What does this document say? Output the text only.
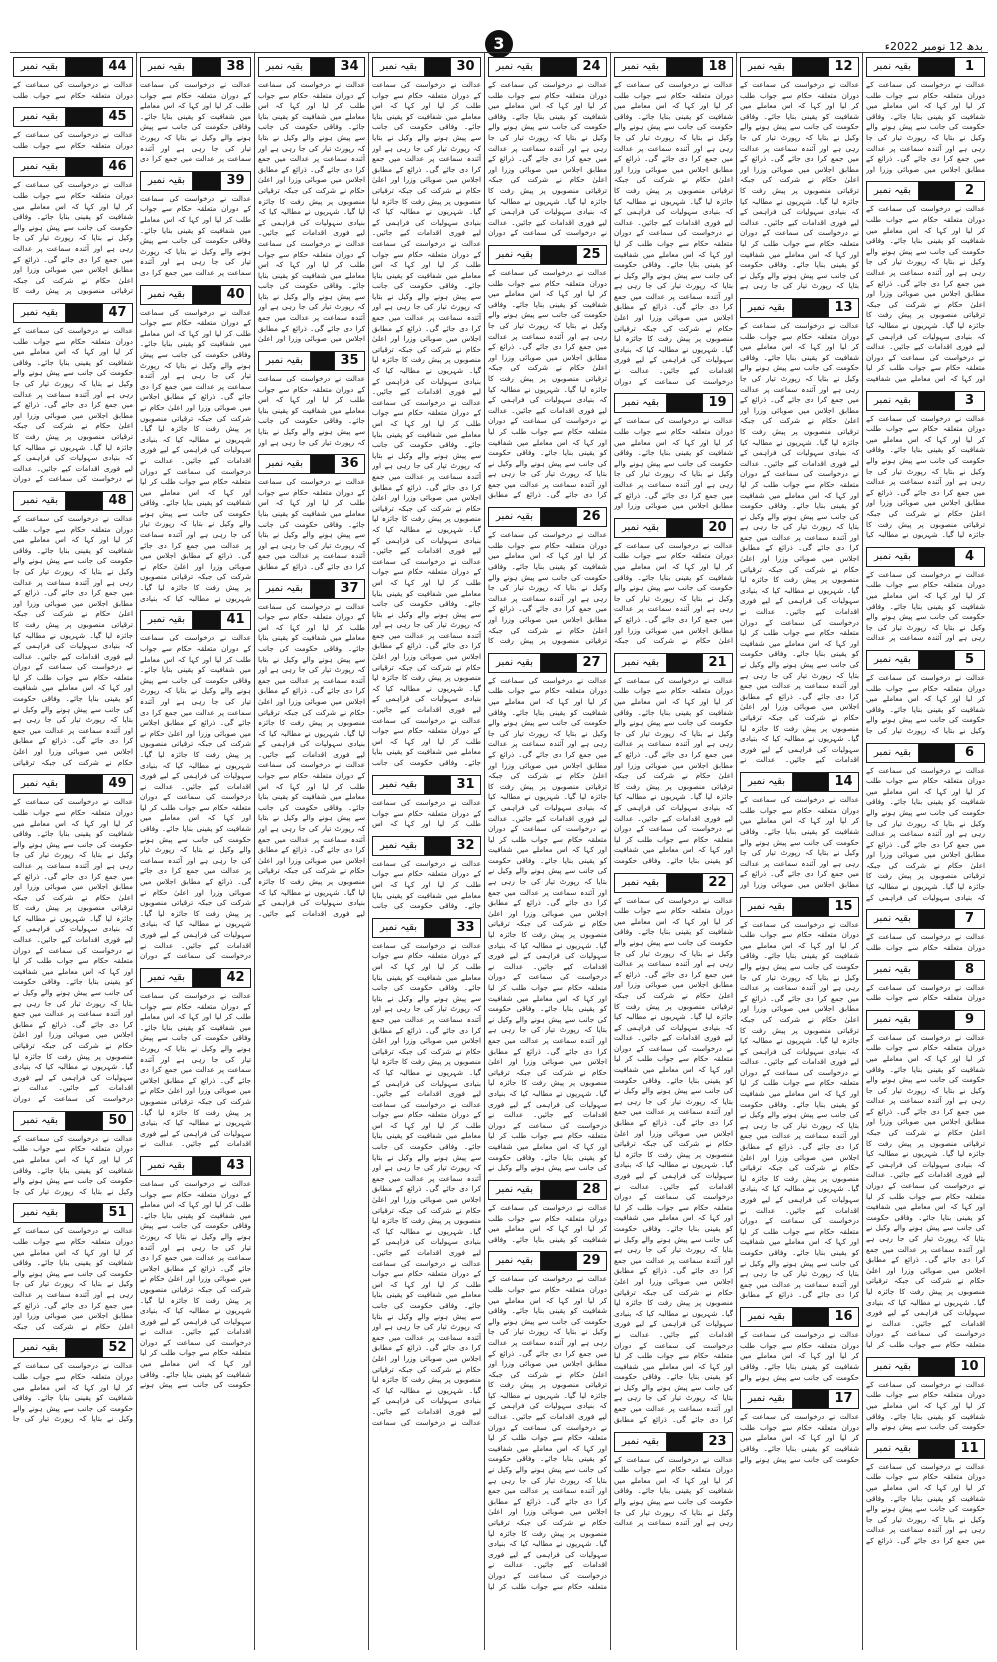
بدھ 12 نومبر 2022ء
3
1
بقیہ نمبر
عدالت نے درخواست کی سماعت کے دوران متعلقہ حکام سے جواب طلب کر لیا اور کہا کہ اس معاملے میں شفافیت کو یقینی بنایا جائے۔ وفاقی حکومت کی جانب سے پیش ہونے والے وکیل نے بتایا کہ رپورٹ تیار کی جا رہی ہے اور آئندہ سماعت پر عدالت میں جمع کرا دی جائے گی۔ ذرائع کے مطابق اجلاس میں صوبائی وزرا اور
2
بقیہ نمبر
عدالت نے درخواست کی سماعت کے دوران متعلقہ حکام سے جواب طلب کر لیا اور کہا کہ اس معاملے میں شفافیت کو یقینی بنایا جائے۔ وفاقی حکومت کی جانب سے پیش ہونے والے وکیل نے بتایا کہ رپورٹ تیار کی جا رہی ہے اور آئندہ سماعت پر عدالت میں جمع کرا دی جائے گی۔ ذرائع کے مطابق اجلاس میں صوبائی وزرا اور اعلیٰ حکام نے شرکت کی جبکہ ترقیاتی منصوبوں پر پیش رفت کا جائزہ لیا گیا۔ شہریوں نے مطالبہ کیا کہ بنیادی سہولیات کی فراہمی کے لیے فوری اقدامات کیے جائیں۔ عدالت نے درخواست کی سماعت کے دوران متعلقہ حکام سے جواب طلب کر لیا اور کہا کہ اس معاملے میں شفافیت
3
بقیہ نمبر
عدالت نے درخواست کی سماعت کے دوران متعلقہ حکام سے جواب طلب کر لیا اور کہا کہ اس معاملے میں شفافیت کو یقینی بنایا جائے۔ وفاقی حکومت کی جانب سے پیش ہونے والے وکیل نے بتایا کہ رپورٹ تیار کی جا رہی ہے اور آئندہ سماعت پر عدالت میں جمع کرا دی جائے گی۔ ذرائع کے مطابق اجلاس میں صوبائی وزرا اور اعلیٰ حکام نے شرکت کی جبکہ ترقیاتی منصوبوں پر پیش رفت کا جائزہ لیا گیا۔ شہریوں نے مطالبہ کیا
4
بقیہ نمبر
عدالت نے درخواست کی سماعت کے دوران متعلقہ حکام سے جواب طلب کر لیا اور کہا کہ اس معاملے میں شفافیت کو یقینی بنایا جائے۔ وفاقی حکومت کی جانب سے پیش ہونے والے وکیل نے بتایا کہ رپورٹ تیار کی جا رہی ہے اور آئندہ سماعت پر عدالت
5
بقیہ نمبر
عدالت نے درخواست کی سماعت کے دوران متعلقہ حکام سے جواب طلب کر لیا اور کہا کہ اس معاملے میں شفافیت کو یقینی بنایا جائے۔ وفاقی حکومت کی جانب سے پیش ہونے والے وکیل نے بتایا کہ رپورٹ تیار کی جا
6
بقیہ نمبر
عدالت نے درخواست کی سماعت کے دوران متعلقہ حکام سے جواب طلب کر لیا اور کہا کہ اس معاملے میں شفافیت کو یقینی بنایا جائے۔ وفاقی حکومت کی جانب سے پیش ہونے والے وکیل نے بتایا کہ رپورٹ تیار کی جا رہی ہے اور آئندہ سماعت پر عدالت میں جمع کرا دی جائے گی۔ ذرائع کے مطابق اجلاس میں صوبائی وزرا اور اعلیٰ حکام نے شرکت کی جبکہ ترقیاتی منصوبوں پر پیش رفت کا جائزہ لیا گیا۔ شہریوں نے مطالبہ کیا کہ بنیادی سہولیات کی فراہمی کے
7
بقیہ نمبر
عدالت نے درخواست کی سماعت کے دوران متعلقہ حکام سے جواب طلب
8
بقیہ نمبر
عدالت نے درخواست کی سماعت کے دوران متعلقہ حکام سے جواب طلب
9
بقیہ نمبر
عدالت نے درخواست کی سماعت کے دوران متعلقہ حکام سے جواب طلب کر لیا اور کہا کہ اس معاملے میں شفافیت کو یقینی بنایا جائے۔ وفاقی حکومت کی جانب سے پیش ہونے والے وکیل نے بتایا کہ رپورٹ تیار کی جا رہی ہے اور آئندہ سماعت پر عدالت میں جمع کرا دی جائے گی۔ ذرائع کے مطابق اجلاس میں صوبائی وزرا اور اعلیٰ حکام نے شرکت کی جبکہ ترقیاتی منصوبوں پر پیش رفت کا جائزہ لیا گیا۔ شہریوں نے مطالبہ کیا کہ بنیادی سہولیات کی فراہمی کے لیے فوری اقدامات کیے جائیں۔ عدالت نے درخواست کی سماعت کے دوران متعلقہ حکام سے جواب طلب کر لیا اور کہا کہ اس معاملے میں شفافیت کو یقینی بنایا جائے۔ وفاقی حکومت کی جانب سے پیش ہونے والے وکیل نے بتایا کہ رپورٹ تیار کی جا رہی ہے اور آئندہ سماعت پر عدالت میں جمع کرا دی جائے گی۔ ذرائع کے مطابق اجلاس میں صوبائی وزرا اور اعلیٰ حکام نے شرکت کی جبکہ ترقیاتی منصوبوں پر پیش رفت کا جائزہ لیا گیا۔ شہریوں نے مطالبہ کیا کہ بنیادی سہولیات کی فراہمی کے لیے فوری اقدامات کیے جائیں۔ عدالت نے درخواست کی سماعت کے دوران متعلقہ حکام سے جواب طلب کر لیا
10
بقیہ نمبر
عدالت نے درخواست کی سماعت کے دوران متعلقہ حکام سے جواب طلب کر لیا اور کہا کہ اس معاملے میں شفافیت کو یقینی بنایا جائے۔ وفاقی حکومت کی جانب سے پیش ہونے والے
11
بقیہ نمبر
عدالت نے درخواست کی سماعت کے دوران متعلقہ حکام سے جواب طلب کر لیا اور کہا کہ اس معاملے میں شفافیت کو یقینی بنایا جائے۔ وفاقی حکومت کی جانب سے پیش ہونے والے وکیل نے بتایا کہ رپورٹ تیار کی جا رہی ہے اور آئندہ سماعت پر عدالت میں جمع کرا دی جائے گی۔ ذرائع کے
12
بقیہ نمبر
عدالت نے درخواست کی سماعت کے دوران متعلقہ حکام سے جواب طلب کر لیا اور کہا کہ اس معاملے میں شفافیت کو یقینی بنایا جائے۔ وفاقی حکومت کی جانب سے پیش ہونے والے وکیل نے بتایا کہ رپورٹ تیار کی جا رہی ہے اور آئندہ سماعت پر عدالت میں جمع کرا دی جائے گی۔ ذرائع کے مطابق اجلاس میں صوبائی وزرا اور اعلیٰ حکام نے شرکت کی جبکہ ترقیاتی منصوبوں پر پیش رفت کا جائزہ لیا گیا۔ شہریوں نے مطالبہ کیا کہ بنیادی سہولیات کی فراہمی کے لیے فوری اقدامات کیے جائیں۔ عدالت نے درخواست کی سماعت کے دوران متعلقہ حکام سے جواب طلب کر لیا اور کہا کہ اس معاملے میں شفافیت کو یقینی بنایا جائے۔ وفاقی حکومت کی جانب سے پیش ہونے والے وکیل نے بتایا کہ رپورٹ تیار کی جا رہی ہے
13
بقیہ نمبر
عدالت نے درخواست کی سماعت کے دوران متعلقہ حکام سے جواب طلب کر لیا اور کہا کہ اس معاملے میں شفافیت کو یقینی بنایا جائے۔ وفاقی حکومت کی جانب سے پیش ہونے والے وکیل نے بتایا کہ رپورٹ تیار کی جا رہی ہے اور آئندہ سماعت پر عدالت میں جمع کرا دی جائے گی۔ ذرائع کے مطابق اجلاس میں صوبائی وزرا اور اعلیٰ حکام نے شرکت کی جبکہ ترقیاتی منصوبوں پر پیش رفت کا جائزہ لیا گیا۔ شہریوں نے مطالبہ کیا کہ بنیادی سہولیات کی فراہمی کے لیے فوری اقدامات کیے جائیں۔ عدالت نے درخواست کی سماعت کے دوران متعلقہ حکام سے جواب طلب کر لیا اور کہا کہ اس معاملے میں شفافیت کو یقینی بنایا جائے۔ وفاقی حکومت کی جانب سے پیش ہونے والے وکیل نے بتایا کہ رپورٹ تیار کی جا رہی ہے اور آئندہ سماعت پر عدالت میں جمع کرا دی جائے گی۔ ذرائع کے مطابق اجلاس میں صوبائی وزرا اور اعلیٰ حکام نے شرکت کی جبکہ ترقیاتی منصوبوں پر پیش رفت کا جائزہ لیا گیا۔ شہریوں نے مطالبہ کیا کہ بنیادی سہولیات کی فراہمی کے لیے فوری اقدامات کیے جائیں۔ عدالت نے درخواست کی سماعت کے دوران متعلقہ حکام سے جواب طلب کر لیا اور کہا کہ اس معاملے میں شفافیت کو یقینی بنایا جائے۔ وفاقی حکومت کی جانب سے پیش ہونے والے وکیل نے بتایا کہ رپورٹ تیار کی جا رہی ہے اور آئندہ سماعت پر عدالت میں جمع کرا دی جائے گی۔ ذرائع کے مطابق اجلاس میں صوبائی وزرا اور اعلیٰ حکام نے شرکت کی جبکہ ترقیاتی منصوبوں پر پیش رفت کا جائزہ لیا گیا۔ شہریوں نے مطالبہ کیا کہ بنیادی سہولیات کی فراہمی کے لیے فوری اقدامات کیے جائیں۔ عدالت نے
14
بقیہ نمبر
عدالت نے درخواست کی سماعت کے دوران متعلقہ حکام سے جواب طلب کر لیا اور کہا کہ اس معاملے میں شفافیت کو یقینی بنایا جائے۔ وفاقی حکومت کی جانب سے پیش ہونے والے وکیل نے بتایا کہ رپورٹ تیار کی جا رہی ہے اور آئندہ سماعت پر عدالت میں جمع کرا دی جائے گی۔ ذرائع کے مطابق اجلاس میں صوبائی وزرا اور
15
بقیہ نمبر
عدالت نے درخواست کی سماعت کے دوران متعلقہ حکام سے جواب طلب کر لیا اور کہا کہ اس معاملے میں شفافیت کو یقینی بنایا جائے۔ وفاقی حکومت کی جانب سے پیش ہونے والے وکیل نے بتایا کہ رپورٹ تیار کی جا رہی ہے اور آئندہ سماعت پر عدالت میں جمع کرا دی جائے گی۔ ذرائع کے مطابق اجلاس میں صوبائی وزرا اور اعلیٰ حکام نے شرکت کی جبکہ ترقیاتی منصوبوں پر پیش رفت کا جائزہ لیا گیا۔ شہریوں نے مطالبہ کیا کہ بنیادی سہولیات کی فراہمی کے لیے فوری اقدامات کیے جائیں۔ عدالت نے درخواست کی سماعت کے دوران متعلقہ حکام سے جواب طلب کر لیا اور کہا کہ اس معاملے میں شفافیت کو یقینی بنایا جائے۔ وفاقی حکومت کی جانب سے پیش ہونے والے وکیل نے بتایا کہ رپورٹ تیار کی جا رہی ہے اور آئندہ سماعت پر عدالت میں جمع کرا دی جائے گی۔ ذرائع کے مطابق اجلاس میں صوبائی وزرا اور اعلیٰ حکام نے شرکت کی جبکہ ترقیاتی منصوبوں پر پیش رفت کا جائزہ لیا گیا۔ شہریوں نے مطالبہ کیا کہ بنیادی سہولیات کی فراہمی کے لیے فوری اقدامات کیے جائیں۔ عدالت نے درخواست کی سماعت کے دوران متعلقہ حکام سے جواب طلب کر لیا اور کہا کہ اس معاملے میں شفافیت کو یقینی بنایا جائے۔ وفاقی حکومت کی جانب سے پیش ہونے والے وکیل نے بتایا کہ رپورٹ تیار کی جا رہی ہے اور آئندہ سماعت پر عدالت میں جمع کرا دی جائے گی۔ ذرائع کے مطابق
16
بقیہ نمبر
عدالت نے درخواست کی سماعت کے دوران متعلقہ حکام سے جواب طلب کر لیا اور کہا کہ اس معاملے میں شفافیت کو یقینی بنایا جائے۔ وفاقی حکومت کی جانب سے پیش ہونے والے
17
بقیہ نمبر
عدالت نے درخواست کی سماعت کے دوران متعلقہ حکام سے جواب طلب کر لیا اور کہا کہ اس معاملے میں شفافیت کو یقینی بنایا جائے۔ وفاقی حکومت کی جانب سے پیش ہونے والے
18
بقیہ نمبر
عدالت نے درخواست کی سماعت کے دوران متعلقہ حکام سے جواب طلب کر لیا اور کہا کہ اس معاملے میں شفافیت کو یقینی بنایا جائے۔ وفاقی حکومت کی جانب سے پیش ہونے والے وکیل نے بتایا کہ رپورٹ تیار کی جا رہی ہے اور آئندہ سماعت پر عدالت میں جمع کرا دی جائے گی۔ ذرائع کے مطابق اجلاس میں صوبائی وزرا اور اعلیٰ حکام نے شرکت کی جبکہ ترقیاتی منصوبوں پر پیش رفت کا جائزہ لیا گیا۔ شہریوں نے مطالبہ کیا کہ بنیادی سہولیات کی فراہمی کے لیے فوری اقدامات کیے جائیں۔ عدالت نے درخواست کی سماعت کے دوران متعلقہ حکام سے جواب طلب کر لیا اور کہا کہ اس معاملے میں شفافیت کو یقینی بنایا جائے۔ وفاقی حکومت کی جانب سے پیش ہونے والے وکیل نے بتایا کہ رپورٹ تیار کی جا رہی ہے اور آئندہ سماعت پر عدالت میں جمع کرا دی جائے گی۔ ذرائع کے مطابق اجلاس میں صوبائی وزرا اور اعلیٰ حکام نے شرکت کی جبکہ ترقیاتی منصوبوں پر پیش رفت کا جائزہ لیا گیا۔ شہریوں نے مطالبہ کیا کہ بنیادی سہولیات کی فراہمی کے لیے فوری اقدامات کیے جائیں۔ عدالت نے درخواست کی سماعت کے دوران
19
بقیہ نمبر
عدالت نے درخواست کی سماعت کے دوران متعلقہ حکام سے جواب طلب کر لیا اور کہا کہ اس معاملے میں شفافیت کو یقینی بنایا جائے۔ وفاقی حکومت کی جانب سے پیش ہونے والے وکیل نے بتایا کہ رپورٹ تیار کی جا رہی ہے اور آئندہ سماعت پر عدالت میں جمع کرا دی جائے گی۔ ذرائع کے مطابق اجلاس میں صوبائی وزرا اور
20
بقیہ نمبر
عدالت نے درخواست کی سماعت کے دوران متعلقہ حکام سے جواب طلب کر لیا اور کہا کہ اس معاملے میں شفافیت کو یقینی بنایا جائے۔ وفاقی حکومت کی جانب سے پیش ہونے والے وکیل نے بتایا کہ رپورٹ تیار کی جا رہی ہے اور آئندہ سماعت پر عدالت میں جمع کرا دی جائے گی۔ ذرائع کے مطابق اجلاس میں صوبائی وزرا اور اعلیٰ حکام نے شرکت کی جبکہ
21
بقیہ نمبر
عدالت نے درخواست کی سماعت کے دوران متعلقہ حکام سے جواب طلب کر لیا اور کہا کہ اس معاملے میں شفافیت کو یقینی بنایا جائے۔ وفاقی حکومت کی جانب سے پیش ہونے والے وکیل نے بتایا کہ رپورٹ تیار کی جا رہی ہے اور آئندہ سماعت پر عدالت میں جمع کرا دی جائے گی۔ ذرائع کے مطابق اجلاس میں صوبائی وزرا اور اعلیٰ حکام نے شرکت کی جبکہ ترقیاتی منصوبوں پر پیش رفت کا جائزہ لیا گیا۔ شہریوں نے مطالبہ کیا کہ بنیادی سہولیات کی فراہمی کے لیے فوری اقدامات کیے جائیں۔ عدالت نے درخواست کی سماعت کے دوران متعلقہ حکام سے جواب طلب کر لیا اور کہا کہ اس معاملے میں شفافیت کو یقینی بنایا جائے۔ وفاقی حکومت
22
بقیہ نمبر
عدالت نے درخواست کی سماعت کے دوران متعلقہ حکام سے جواب طلب کر لیا اور کہا کہ اس معاملے میں شفافیت کو یقینی بنایا جائے۔ وفاقی حکومت کی جانب سے پیش ہونے والے وکیل نے بتایا کہ رپورٹ تیار کی جا رہی ہے اور آئندہ سماعت پر عدالت میں جمع کرا دی جائے گی۔ ذرائع کے مطابق اجلاس میں صوبائی وزرا اور اعلیٰ حکام نے شرکت کی جبکہ ترقیاتی منصوبوں پر پیش رفت کا جائزہ لیا گیا۔ شہریوں نے مطالبہ کیا کہ بنیادی سہولیات کی فراہمی کے لیے فوری اقدامات کیے جائیں۔ عدالت نے درخواست کی سماعت کے دوران متعلقہ حکام سے جواب طلب کر لیا اور کہا کہ اس معاملے میں شفافیت کو یقینی بنایا جائے۔ وفاقی حکومت کی جانب سے پیش ہونے والے وکیل نے بتایا کہ رپورٹ تیار کی جا رہی ہے اور آئندہ سماعت پر عدالت میں جمع کرا دی جائے گی۔ ذرائع کے مطابق اجلاس میں صوبائی وزرا اور اعلیٰ حکام نے شرکت کی جبکہ ترقیاتی منصوبوں پر پیش رفت کا جائزہ لیا گیا۔ شہریوں نے مطالبہ کیا کہ بنیادی سہولیات کی فراہمی کے لیے فوری اقدامات کیے جائیں۔ عدالت نے درخواست کی سماعت کے دوران متعلقہ حکام سے جواب طلب کر لیا اور کہا کہ اس معاملے میں شفافیت کو یقینی بنایا جائے۔ وفاقی حکومت کی جانب سے پیش ہونے والے وکیل نے بتایا کہ رپورٹ تیار کی جا رہی ہے اور آئندہ سماعت پر عدالت میں جمع کرا دی جائے گی۔ ذرائع کے مطابق اجلاس میں صوبائی وزرا اور اعلیٰ حکام نے شرکت کی جبکہ ترقیاتی منصوبوں پر پیش رفت کا جائزہ لیا گیا۔ شہریوں نے مطالبہ کیا کہ بنیادی سہولیات کی فراہمی کے لیے فوری اقدامات کیے جائیں۔ عدالت نے درخواست کی سماعت کے دوران متعلقہ حکام سے جواب طلب کر لیا اور کہا کہ اس معاملے میں شفافیت کو یقینی بنایا جائے۔ وفاقی حکومت کی جانب سے پیش ہونے والے وکیل نے بتایا کہ رپورٹ تیار کی جا رہی ہے اور آئندہ سماعت پر عدالت میں جمع کرا دی جائے گی۔ ذرائع کے مطابق
23
بقیہ نمبر
عدالت نے درخواست کی سماعت کے دوران متعلقہ حکام سے جواب طلب کر لیا اور کہا کہ اس معاملے میں شفافیت کو یقینی بنایا جائے۔ وفاقی حکومت کی جانب سے پیش ہونے والے وکیل نے بتایا کہ رپورٹ تیار کی جا رہی ہے اور آئندہ سماعت پر عدالت
24
بقیہ نمبر
عدالت نے درخواست کی سماعت کے دوران متعلقہ حکام سے جواب طلب کر لیا اور کہا کہ اس معاملے میں شفافیت کو یقینی بنایا جائے۔ وفاقی حکومت کی جانب سے پیش ہونے والے وکیل نے بتایا کہ رپورٹ تیار کی جا رہی ہے اور آئندہ سماعت پر عدالت میں جمع کرا دی جائے گی۔ ذرائع کے مطابق اجلاس میں صوبائی وزرا اور اعلیٰ حکام نے شرکت کی جبکہ ترقیاتی منصوبوں پر پیش رفت کا جائزہ لیا گیا۔ شہریوں نے مطالبہ کیا کہ بنیادی سہولیات کی فراہمی کے لیے فوری اقدامات کیے جائیں۔ عدالت نے درخواست کی سماعت کے دوران
25
بقیہ نمبر
عدالت نے درخواست کی سماعت کے دوران متعلقہ حکام سے جواب طلب کر لیا اور کہا کہ اس معاملے میں شفافیت کو یقینی بنایا جائے۔ وفاقی حکومت کی جانب سے پیش ہونے والے وکیل نے بتایا کہ رپورٹ تیار کی جا رہی ہے اور آئندہ سماعت پر عدالت میں جمع کرا دی جائے گی۔ ذرائع کے مطابق اجلاس میں صوبائی وزرا اور اعلیٰ حکام نے شرکت کی جبکہ ترقیاتی منصوبوں پر پیش رفت کا جائزہ لیا گیا۔ شہریوں نے مطالبہ کیا کہ بنیادی سہولیات کی فراہمی کے لیے فوری اقدامات کیے جائیں۔ عدالت نے درخواست کی سماعت کے دوران متعلقہ حکام سے جواب طلب کر لیا اور کہا کہ اس معاملے میں شفافیت کو یقینی بنایا جائے۔ وفاقی حکومت کی جانب سے پیش ہونے والے وکیل نے بتایا کہ رپورٹ تیار کی جا رہی ہے اور آئندہ سماعت پر عدالت میں جمع کرا دی جائے گی۔ ذرائع کے مطابق
26
بقیہ نمبر
عدالت نے درخواست کی سماعت کے دوران متعلقہ حکام سے جواب طلب کر لیا اور کہا کہ اس معاملے میں شفافیت کو یقینی بنایا جائے۔ وفاقی حکومت کی جانب سے پیش ہونے والے وکیل نے بتایا کہ رپورٹ تیار کی جا رہی ہے اور آئندہ سماعت پر عدالت میں جمع کرا دی جائے گی۔ ذرائع کے مطابق اجلاس میں صوبائی وزرا اور اعلیٰ حکام نے شرکت کی جبکہ ترقیاتی منصوبوں پر پیش رفت کا
27
بقیہ نمبر
عدالت نے درخواست کی سماعت کے دوران متعلقہ حکام سے جواب طلب کر لیا اور کہا کہ اس معاملے میں شفافیت کو یقینی بنایا جائے۔ وفاقی حکومت کی جانب سے پیش ہونے والے وکیل نے بتایا کہ رپورٹ تیار کی جا رہی ہے اور آئندہ سماعت پر عدالت میں جمع کرا دی جائے گی۔ ذرائع کے مطابق اجلاس میں صوبائی وزرا اور اعلیٰ حکام نے شرکت کی جبکہ ترقیاتی منصوبوں پر پیش رفت کا جائزہ لیا گیا۔ شہریوں نے مطالبہ کیا کہ بنیادی سہولیات کی فراہمی کے لیے فوری اقدامات کیے جائیں۔ عدالت نے درخواست کی سماعت کے دوران متعلقہ حکام سے جواب طلب کر لیا اور کہا کہ اس معاملے میں شفافیت کو یقینی بنایا جائے۔ وفاقی حکومت کی جانب سے پیش ہونے والے وکیل نے بتایا کہ رپورٹ تیار کی جا رہی ہے اور آئندہ سماعت پر عدالت میں جمع کرا دی جائے گی۔ ذرائع کے مطابق اجلاس میں صوبائی وزرا اور اعلیٰ حکام نے شرکت کی جبکہ ترقیاتی منصوبوں پر پیش رفت کا جائزہ لیا گیا۔ شہریوں نے مطالبہ کیا کہ بنیادی سہولیات کی فراہمی کے لیے فوری اقدامات کیے جائیں۔ عدالت نے درخواست کی سماعت کے دوران متعلقہ حکام سے جواب طلب کر لیا اور کہا کہ اس معاملے میں شفافیت کو یقینی بنایا جائے۔ وفاقی حکومت کی جانب سے پیش ہونے والے وکیل نے بتایا کہ رپورٹ تیار کی جا رہی ہے اور آئندہ سماعت پر عدالت میں جمع کرا دی جائے گی۔ ذرائع کے مطابق اجلاس میں صوبائی وزرا اور اعلیٰ حکام نے شرکت کی جبکہ ترقیاتی منصوبوں پر پیش رفت کا جائزہ لیا گیا۔ شہریوں نے مطالبہ کیا کہ بنیادی سہولیات کی فراہمی کے لیے فوری اقدامات کیے جائیں۔ عدالت نے درخواست کی سماعت کے دوران متعلقہ حکام سے جواب طلب کر لیا اور کہا کہ اس معاملے میں شفافیت کو یقینی بنایا جائے۔ وفاقی حکومت کی جانب سے پیش ہونے والے وکیل نے
28
بقیہ نمبر
عدالت نے درخواست کی سماعت کے دوران متعلقہ حکام سے جواب طلب کر لیا اور کہا کہ اس معاملے میں شفافیت کو یقینی بنایا جائے۔ وفاقی
29
بقیہ نمبر
عدالت نے درخواست کی سماعت کے دوران متعلقہ حکام سے جواب طلب کر لیا اور کہا کہ اس معاملے میں شفافیت کو یقینی بنایا جائے۔ وفاقی حکومت کی جانب سے پیش ہونے والے وکیل نے بتایا کہ رپورٹ تیار کی جا رہی ہے اور آئندہ سماعت پر عدالت میں جمع کرا دی جائے گی۔ ذرائع کے مطابق اجلاس میں صوبائی وزرا اور اعلیٰ حکام نے شرکت کی جبکہ ترقیاتی منصوبوں پر پیش رفت کا جائزہ لیا گیا۔ شہریوں نے مطالبہ کیا کہ بنیادی سہولیات کی فراہمی کے لیے فوری اقدامات کیے جائیں۔ عدالت نے درخواست کی سماعت کے دوران متعلقہ حکام سے جواب طلب کر لیا اور کہا کہ اس معاملے میں شفافیت کو یقینی بنایا جائے۔ وفاقی حکومت کی جانب سے پیش ہونے والے وکیل نے بتایا کہ رپورٹ تیار کی جا رہی ہے اور آئندہ سماعت پر عدالت میں جمع کرا دی جائے گی۔ ذرائع کے مطابق اجلاس میں صوبائی وزرا اور اعلیٰ حکام نے شرکت کی جبکہ ترقیاتی منصوبوں پر پیش رفت کا جائزہ لیا گیا۔ شہریوں نے مطالبہ کیا کہ بنیادی سہولیات کی فراہمی کے لیے فوری اقدامات کیے جائیں۔ عدالت نے درخواست کی سماعت کے دوران متعلقہ حکام سے جواب طلب کر لیا
30
بقیہ نمبر
عدالت نے درخواست کی سماعت کے دوران متعلقہ حکام سے جواب طلب کر لیا اور کہا کہ اس معاملے میں شفافیت کو یقینی بنایا جائے۔ وفاقی حکومت کی جانب سے پیش ہونے والے وکیل نے بتایا کہ رپورٹ تیار کی جا رہی ہے اور آئندہ سماعت پر عدالت میں جمع کرا دی جائے گی۔ ذرائع کے مطابق اجلاس میں صوبائی وزرا اور اعلیٰ حکام نے شرکت کی جبکہ ترقیاتی منصوبوں پر پیش رفت کا جائزہ لیا گیا۔ شہریوں نے مطالبہ کیا کہ بنیادی سہولیات کی فراہمی کے لیے فوری اقدامات کیے جائیں۔ عدالت نے درخواست کی سماعت کے دوران متعلقہ حکام سے جواب طلب کر لیا اور کہا کہ اس معاملے میں شفافیت کو یقینی بنایا جائے۔ وفاقی حکومت کی جانب سے پیش ہونے والے وکیل نے بتایا کہ رپورٹ تیار کی جا رہی ہے اور آئندہ سماعت پر عدالت میں جمع کرا دی جائے گی۔ ذرائع کے مطابق اجلاس میں صوبائی وزرا اور اعلیٰ حکام نے شرکت کی جبکہ ترقیاتی منصوبوں پر پیش رفت کا جائزہ لیا گیا۔ شہریوں نے مطالبہ کیا کہ بنیادی سہولیات کی فراہمی کے لیے فوری اقدامات کیے جائیں۔ عدالت نے درخواست کی سماعت کے دوران متعلقہ حکام سے جواب طلب کر لیا اور کہا کہ اس معاملے میں شفافیت کو یقینی بنایا جائے۔ وفاقی حکومت کی جانب سے پیش ہونے والے وکیل نے بتایا کہ رپورٹ تیار کی جا رہی ہے اور آئندہ سماعت پر عدالت میں جمع کرا دی جائے گی۔ ذرائع کے مطابق اجلاس میں صوبائی وزرا اور اعلیٰ حکام نے شرکت کی جبکہ ترقیاتی منصوبوں پر پیش رفت کا جائزہ لیا گیا۔ شہریوں نے مطالبہ کیا کہ بنیادی سہولیات کی فراہمی کے لیے فوری اقدامات کیے جائیں۔ عدالت نے درخواست کی سماعت کے دوران متعلقہ حکام سے جواب طلب کر لیا اور کہا کہ اس معاملے میں شفافیت کو یقینی بنایا جائے۔ وفاقی حکومت کی جانب سے پیش ہونے والے وکیل نے بتایا کہ رپورٹ تیار کی جا رہی ہے اور آئندہ سماعت پر عدالت میں جمع کرا دی جائے گی۔ ذرائع کے مطابق اجلاس میں صوبائی وزرا اور اعلیٰ حکام نے شرکت کی جبکہ ترقیاتی منصوبوں پر پیش رفت کا جائزہ لیا گیا۔ شہریوں نے مطالبہ کیا کہ بنیادی سہولیات کی فراہمی کے لیے فوری اقدامات کیے جائیں۔ عدالت نے درخواست کی سماعت کے دوران متعلقہ حکام سے جواب طلب کر لیا اور کہا کہ اس معاملے میں شفافیت کو یقینی بنایا جائے۔ وفاقی حکومت کی جانب
31
بقیہ نمبر
عدالت نے درخواست کی سماعت کے دوران متعلقہ حکام سے جواب طلب کر لیا اور کہا کہ اس
32
بقیہ نمبر
عدالت نے درخواست کی سماعت کے دوران متعلقہ حکام سے جواب طلب کر لیا اور کہا کہ اس معاملے میں شفافیت کو یقینی بنایا جائے۔ وفاقی حکومت کی جانب
33
بقیہ نمبر
عدالت نے درخواست کی سماعت کے دوران متعلقہ حکام سے جواب طلب کر لیا اور کہا کہ اس معاملے میں شفافیت کو یقینی بنایا جائے۔ وفاقی حکومت کی جانب سے پیش ہونے والے وکیل نے بتایا کہ رپورٹ تیار کی جا رہی ہے اور آئندہ سماعت پر عدالت میں جمع کرا دی جائے گی۔ ذرائع کے مطابق اجلاس میں صوبائی وزرا اور اعلیٰ حکام نے شرکت کی جبکہ ترقیاتی منصوبوں پر پیش رفت کا جائزہ لیا گیا۔ شہریوں نے مطالبہ کیا کہ بنیادی سہولیات کی فراہمی کے لیے فوری اقدامات کیے جائیں۔ عدالت نے درخواست کی سماعت کے دوران متعلقہ حکام سے جواب طلب کر لیا اور کہا کہ اس معاملے میں شفافیت کو یقینی بنایا جائے۔ وفاقی حکومت کی جانب سے پیش ہونے والے وکیل نے بتایا کہ رپورٹ تیار کی جا رہی ہے اور آئندہ سماعت پر عدالت میں جمع کرا دی جائے گی۔ ذرائع کے مطابق اجلاس میں صوبائی وزرا اور اعلیٰ حکام نے شرکت کی جبکہ ترقیاتی منصوبوں پر پیش رفت کا جائزہ لیا گیا۔ شہریوں نے مطالبہ کیا کہ بنیادی سہولیات کی فراہمی کے لیے فوری اقدامات کیے جائیں۔ عدالت نے درخواست کی سماعت کے دوران متعلقہ حکام سے جواب طلب کر لیا اور کہا کہ اس معاملے میں شفافیت کو یقینی بنایا جائے۔ وفاقی حکومت کی جانب سے پیش ہونے والے وکیل نے بتایا کہ رپورٹ تیار کی جا رہی ہے اور آئندہ سماعت پر عدالت میں جمع کرا دی جائے گی۔ ذرائع کے مطابق اجلاس میں صوبائی وزرا اور اعلیٰ حکام نے شرکت کی جبکہ ترقیاتی منصوبوں پر پیش رفت کا جائزہ لیا گیا۔ شہریوں نے مطالبہ کیا کہ بنیادی سہولیات کی فراہمی کے لیے فوری اقدامات کیے جائیں۔ عدالت نے درخواست کی سماعت
34
بقیہ نمبر
عدالت نے درخواست کی سماعت کے دوران متعلقہ حکام سے جواب طلب کر لیا اور کہا کہ اس معاملے میں شفافیت کو یقینی بنایا جائے۔ وفاقی حکومت کی جانب سے پیش ہونے والے وکیل نے بتایا کہ رپورٹ تیار کی جا رہی ہے اور آئندہ سماعت پر عدالت میں جمع کرا دی جائے گی۔ ذرائع کے مطابق اجلاس میں صوبائی وزرا اور اعلیٰ حکام نے شرکت کی جبکہ ترقیاتی منصوبوں پر پیش رفت کا جائزہ لیا گیا۔ شہریوں نے مطالبہ کیا کہ بنیادی سہولیات کی فراہمی کے لیے فوری اقدامات کیے جائیں۔ عدالت نے درخواست کی سماعت کے دوران متعلقہ حکام سے جواب طلب کر لیا اور کہا کہ اس معاملے میں شفافیت کو یقینی بنایا جائے۔ وفاقی حکومت کی جانب سے پیش ہونے والے وکیل نے بتایا کہ رپورٹ تیار کی جا رہی ہے اور آئندہ سماعت پر عدالت میں جمع کرا دی جائے گی۔ ذرائع کے مطابق اجلاس میں صوبائی وزرا اور اعلیٰ
35
بقیہ نمبر
عدالت نے درخواست کی سماعت کے دوران متعلقہ حکام سے جواب طلب کر لیا اور کہا کہ اس معاملے میں شفافیت کو یقینی بنایا جائے۔ وفاقی حکومت کی جانب سے پیش ہونے والے وکیل نے بتایا کہ رپورٹ تیار کی جا رہی ہے اور
36
بقیہ نمبر
عدالت نے درخواست کی سماعت کے دوران متعلقہ حکام سے جواب طلب کر لیا اور کہا کہ اس معاملے میں شفافیت کو یقینی بنایا جائے۔ وفاقی حکومت کی جانب سے پیش ہونے والے وکیل نے بتایا کہ رپورٹ تیار کی جا رہی ہے اور آئندہ سماعت پر عدالت میں جمع کرا دی جائے گی۔ ذرائع کے مطابق
37
بقیہ نمبر
عدالت نے درخواست کی سماعت کے دوران متعلقہ حکام سے جواب طلب کر لیا اور کہا کہ اس معاملے میں شفافیت کو یقینی بنایا جائے۔ وفاقی حکومت کی جانب سے پیش ہونے والے وکیل نے بتایا کہ رپورٹ تیار کی جا رہی ہے اور آئندہ سماعت پر عدالت میں جمع کرا دی جائے گی۔ ذرائع کے مطابق اجلاس میں صوبائی وزرا اور اعلیٰ حکام نے شرکت کی جبکہ ترقیاتی منصوبوں پر پیش رفت کا جائزہ لیا گیا۔ شہریوں نے مطالبہ کیا کہ بنیادی سہولیات کی فراہمی کے لیے فوری اقدامات کیے جائیں۔ عدالت نے درخواست کی سماعت کے دوران متعلقہ حکام سے جواب طلب کر لیا اور کہا کہ اس معاملے میں شفافیت کو یقینی بنایا جائے۔ وفاقی حکومت کی جانب سے پیش ہونے والے وکیل نے بتایا کہ رپورٹ تیار کی جا رہی ہے اور آئندہ سماعت پر عدالت میں جمع کرا دی جائے گی۔ ذرائع کے مطابق اجلاس میں صوبائی وزرا اور اعلیٰ حکام نے شرکت کی جبکہ ترقیاتی منصوبوں پر پیش رفت کا جائزہ لیا گیا۔ شہریوں نے مطالبہ کیا کہ بنیادی سہولیات کی فراہمی کے لیے فوری اقدامات کیے جائیں۔
38
بقیہ نمبر
عدالت نے درخواست کی سماعت کے دوران متعلقہ حکام سے جواب طلب کر لیا اور کہا کہ اس معاملے میں شفافیت کو یقینی بنایا جائے۔ وفاقی حکومت کی جانب سے پیش ہونے والے وکیل نے بتایا کہ رپورٹ تیار کی جا رہی ہے اور آئندہ سماعت پر عدالت میں جمع کرا دی
39
بقیہ نمبر
عدالت نے درخواست کی سماعت کے دوران متعلقہ حکام سے جواب طلب کر لیا اور کہا کہ اس معاملے میں شفافیت کو یقینی بنایا جائے۔ وفاقی حکومت کی جانب سے پیش ہونے والے وکیل نے بتایا کہ رپورٹ تیار کی جا رہی ہے اور آئندہ سماعت پر عدالت میں جمع کرا دی
40
بقیہ نمبر
عدالت نے درخواست کی سماعت کے دوران متعلقہ حکام سے جواب طلب کر لیا اور کہا کہ اس معاملے میں شفافیت کو یقینی بنایا جائے۔ وفاقی حکومت کی جانب سے پیش ہونے والے وکیل نے بتایا کہ رپورٹ تیار کی جا رہی ہے اور آئندہ سماعت پر عدالت میں جمع کرا دی جائے گی۔ ذرائع کے مطابق اجلاس میں صوبائی وزرا اور اعلیٰ حکام نے شرکت کی جبکہ ترقیاتی منصوبوں پر پیش رفت کا جائزہ لیا گیا۔ شہریوں نے مطالبہ کیا کہ بنیادی سہولیات کی فراہمی کے لیے فوری اقدامات کیے جائیں۔ عدالت نے درخواست کی سماعت کے دوران متعلقہ حکام سے جواب طلب کر لیا اور کہا کہ اس معاملے میں شفافیت کو یقینی بنایا جائے۔ وفاقی حکومت کی جانب سے پیش ہونے والے وکیل نے بتایا کہ رپورٹ تیار کی جا رہی ہے اور آئندہ سماعت پر عدالت میں جمع کرا دی جائے گی۔ ذرائع کے مطابق اجلاس میں صوبائی وزرا اور اعلیٰ حکام نے شرکت کی جبکہ ترقیاتی منصوبوں پر پیش رفت کا جائزہ لیا گیا۔ شہریوں نے مطالبہ کیا کہ بنیادی
41
بقیہ نمبر
عدالت نے درخواست کی سماعت کے دوران متعلقہ حکام سے جواب طلب کر لیا اور کہا کہ اس معاملے میں شفافیت کو یقینی بنایا جائے۔ وفاقی حکومت کی جانب سے پیش ہونے والے وکیل نے بتایا کہ رپورٹ تیار کی جا رہی ہے اور آئندہ سماعت پر عدالت میں جمع کرا دی جائے گی۔ ذرائع کے مطابق اجلاس میں صوبائی وزرا اور اعلیٰ حکام نے شرکت کی جبکہ ترقیاتی منصوبوں پر پیش رفت کا جائزہ لیا گیا۔ شہریوں نے مطالبہ کیا کہ بنیادی سہولیات کی فراہمی کے لیے فوری اقدامات کیے جائیں۔ عدالت نے درخواست کی سماعت کے دوران متعلقہ حکام سے جواب طلب کر لیا اور کہا کہ اس معاملے میں شفافیت کو یقینی بنایا جائے۔ وفاقی حکومت کی جانب سے پیش ہونے والے وکیل نے بتایا کہ رپورٹ تیار کی جا رہی ہے اور آئندہ سماعت پر عدالت میں جمع کرا دی جائے گی۔ ذرائع کے مطابق اجلاس میں صوبائی وزرا اور اعلیٰ حکام نے شرکت کی جبکہ ترقیاتی منصوبوں پر پیش رفت کا جائزہ لیا گیا۔ شہریوں نے مطالبہ کیا کہ بنیادی سہولیات کی فراہمی کے لیے فوری اقدامات کیے جائیں۔ عدالت نے درخواست کی سماعت کے دوران
42
بقیہ نمبر
عدالت نے درخواست کی سماعت کے دوران متعلقہ حکام سے جواب طلب کر لیا اور کہا کہ اس معاملے میں شفافیت کو یقینی بنایا جائے۔ وفاقی حکومت کی جانب سے پیش ہونے والے وکیل نے بتایا کہ رپورٹ تیار کی جا رہی ہے اور آئندہ سماعت پر عدالت میں جمع کرا دی جائے گی۔ ذرائع کے مطابق اجلاس میں صوبائی وزرا اور اعلیٰ حکام نے شرکت کی جبکہ ترقیاتی منصوبوں پر پیش رفت کا جائزہ لیا گیا۔ شہریوں نے مطالبہ کیا کہ بنیادی سہولیات کی فراہمی کے لیے فوری اقدامات کیے جائیں۔ عدالت نے
43
بقیہ نمبر
عدالت نے درخواست کی سماعت کے دوران متعلقہ حکام سے جواب طلب کر لیا اور کہا کہ اس معاملے میں شفافیت کو یقینی بنایا جائے۔ وفاقی حکومت کی جانب سے پیش ہونے والے وکیل نے بتایا کہ رپورٹ تیار کی جا رہی ہے اور آئندہ سماعت پر عدالت میں جمع کرا دی جائے گی۔ ذرائع کے مطابق اجلاس میں صوبائی وزرا اور اعلیٰ حکام نے شرکت کی جبکہ ترقیاتی منصوبوں پر پیش رفت کا جائزہ لیا گیا۔ شہریوں نے مطالبہ کیا کہ بنیادی سہولیات کی فراہمی کے لیے فوری اقدامات کیے جائیں۔ عدالت نے درخواست کی سماعت کے دوران متعلقہ حکام سے جواب طلب کر لیا اور کہا کہ اس معاملے میں شفافیت کو یقینی بنایا جائے۔ وفاقی حکومت کی جانب سے پیش ہونے
44
بقیہ نمبر
عدالت نے درخواست کی سماعت کے دوران متعلقہ حکام سے جواب طلب
45
بقیہ نمبر
عدالت نے درخواست کی سماعت کے دوران متعلقہ حکام سے جواب طلب
46
بقیہ نمبر
عدالت نے درخواست کی سماعت کے دوران متعلقہ حکام سے جواب طلب کر لیا اور کہا کہ اس معاملے میں شفافیت کو یقینی بنایا جائے۔ وفاقی حکومت کی جانب سے پیش ہونے والے وکیل نے بتایا کہ رپورٹ تیار کی جا رہی ہے اور آئندہ سماعت پر عدالت میں جمع کرا دی جائے گی۔ ذرائع کے مطابق اجلاس میں صوبائی وزرا اور اعلیٰ حکام نے شرکت کی جبکہ ترقیاتی منصوبوں پر پیش رفت کا
47
بقیہ نمبر
عدالت نے درخواست کی سماعت کے دوران متعلقہ حکام سے جواب طلب کر لیا اور کہا کہ اس معاملے میں شفافیت کو یقینی بنایا جائے۔ وفاقی حکومت کی جانب سے پیش ہونے والے وکیل نے بتایا کہ رپورٹ تیار کی جا رہی ہے اور آئندہ سماعت پر عدالت میں جمع کرا دی جائے گی۔ ذرائع کے مطابق اجلاس میں صوبائی وزرا اور اعلیٰ حکام نے شرکت کی جبکہ ترقیاتی منصوبوں پر پیش رفت کا جائزہ لیا گیا۔ شہریوں نے مطالبہ کیا کہ بنیادی سہولیات کی فراہمی کے لیے فوری اقدامات کیے جائیں۔ عدالت نے درخواست کی سماعت کے دوران
48
بقیہ نمبر
عدالت نے درخواست کی سماعت کے دوران متعلقہ حکام سے جواب طلب کر لیا اور کہا کہ اس معاملے میں شفافیت کو یقینی بنایا جائے۔ وفاقی حکومت کی جانب سے پیش ہونے والے وکیل نے بتایا کہ رپورٹ تیار کی جا رہی ہے اور آئندہ سماعت پر عدالت میں جمع کرا دی جائے گی۔ ذرائع کے مطابق اجلاس میں صوبائی وزرا اور اعلیٰ حکام نے شرکت کی جبکہ ترقیاتی منصوبوں پر پیش رفت کا جائزہ لیا گیا۔ شہریوں نے مطالبہ کیا کہ بنیادی سہولیات کی فراہمی کے لیے فوری اقدامات کیے جائیں۔ عدالت نے درخواست کی سماعت کے دوران متعلقہ حکام سے جواب طلب کر لیا اور کہا کہ اس معاملے میں شفافیت کو یقینی بنایا جائے۔ وفاقی حکومت کی جانب سے پیش ہونے والے وکیل نے بتایا کہ رپورٹ تیار کی جا رہی ہے اور آئندہ سماعت پر عدالت میں جمع کرا دی جائے گی۔ ذرائع کے مطابق اجلاس میں صوبائی وزرا اور اعلیٰ حکام نے شرکت کی جبکہ ترقیاتی
49
بقیہ نمبر
عدالت نے درخواست کی سماعت کے دوران متعلقہ حکام سے جواب طلب کر لیا اور کہا کہ اس معاملے میں شفافیت کو یقینی بنایا جائے۔ وفاقی حکومت کی جانب سے پیش ہونے والے وکیل نے بتایا کہ رپورٹ تیار کی جا رہی ہے اور آئندہ سماعت پر عدالت میں جمع کرا دی جائے گی۔ ذرائع کے مطابق اجلاس میں صوبائی وزرا اور اعلیٰ حکام نے شرکت کی جبکہ ترقیاتی منصوبوں پر پیش رفت کا جائزہ لیا گیا۔ شہریوں نے مطالبہ کیا کہ بنیادی سہولیات کی فراہمی کے لیے فوری اقدامات کیے جائیں۔ عدالت نے درخواست کی سماعت کے دوران متعلقہ حکام سے جواب طلب کر لیا اور کہا کہ اس معاملے میں شفافیت کو یقینی بنایا جائے۔ وفاقی حکومت کی جانب سے پیش ہونے والے وکیل نے بتایا کہ رپورٹ تیار کی جا رہی ہے اور آئندہ سماعت پر عدالت میں جمع کرا دی جائے گی۔ ذرائع کے مطابق اجلاس میں صوبائی وزرا اور اعلیٰ حکام نے شرکت کی جبکہ ترقیاتی منصوبوں پر پیش رفت کا جائزہ لیا گیا۔ شہریوں نے مطالبہ کیا کہ بنیادی سہولیات کی فراہمی کے لیے فوری اقدامات کیے جائیں۔ عدالت نے درخواست کی سماعت کے دوران
50
بقیہ نمبر
عدالت نے درخواست کی سماعت کے دوران متعلقہ حکام سے جواب طلب کر لیا اور کہا کہ اس معاملے میں شفافیت کو یقینی بنایا جائے۔ وفاقی حکومت کی جانب سے پیش ہونے والے وکیل نے بتایا کہ رپورٹ تیار کی جا
51
بقیہ نمبر
عدالت نے درخواست کی سماعت کے دوران متعلقہ حکام سے جواب طلب کر لیا اور کہا کہ اس معاملے میں شفافیت کو یقینی بنایا جائے۔ وفاقی حکومت کی جانب سے پیش ہونے والے وکیل نے بتایا کہ رپورٹ تیار کی جا رہی ہے اور آئندہ سماعت پر عدالت میں جمع کرا دی جائے گی۔ ذرائع کے مطابق اجلاس میں صوبائی وزرا اور اعلیٰ حکام نے شرکت کی جبکہ
52
بقیہ نمبر
عدالت نے درخواست کی سماعت کے دوران متعلقہ حکام سے جواب طلب کر لیا اور کہا کہ اس معاملے میں شفافیت کو یقینی بنایا جائے۔ وفاقی حکومت کی جانب سے پیش ہونے والے وکیل نے بتایا کہ رپورٹ تیار کی جا
